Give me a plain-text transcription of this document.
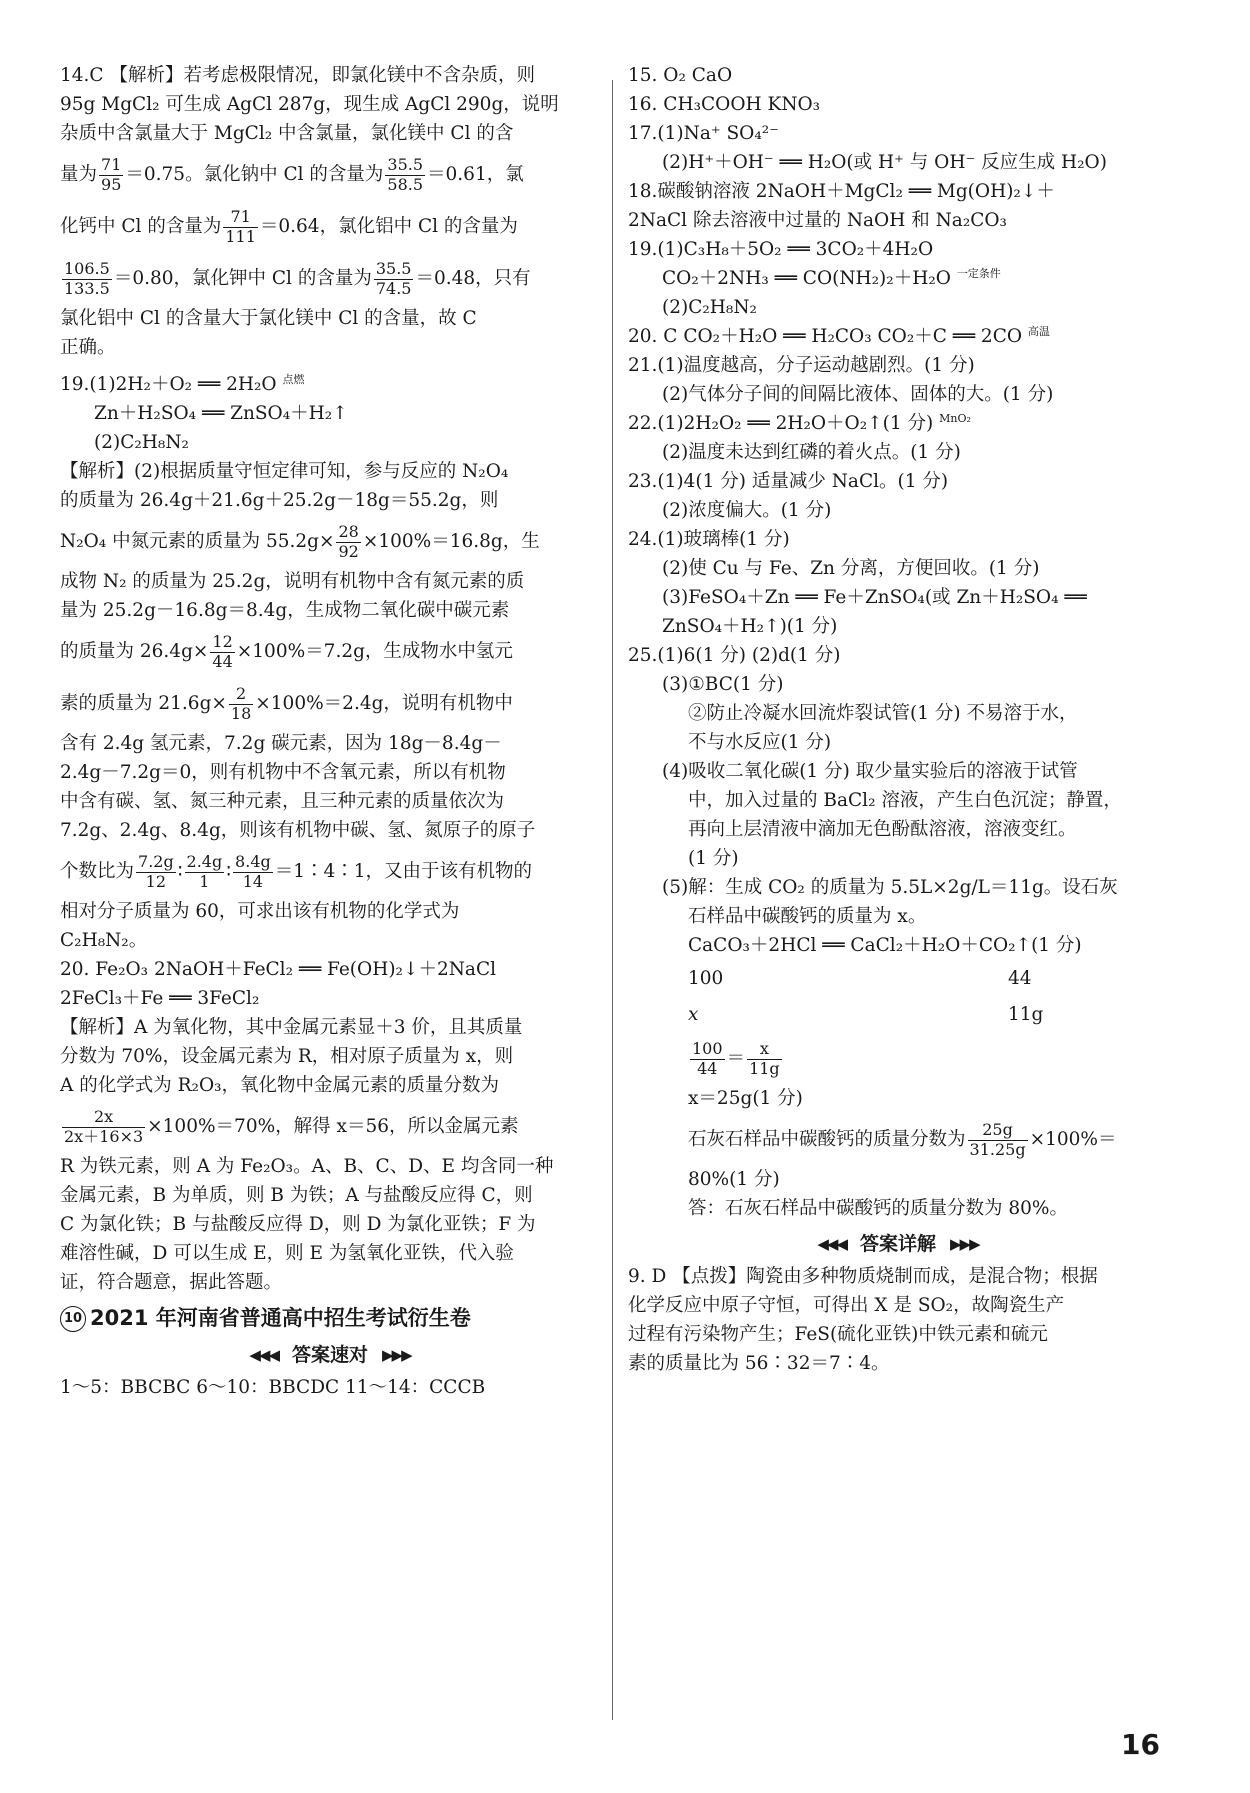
14.C 【解析】若考虑极限情况，即氯化镁中不含杂质，则
95g MgCl₂ 可生成 AgCl 287g，现生成 AgCl 290g，说明
杂质中含氯量大于 MgCl₂ 中含氯量，氯化镁中 Cl 的含
量为 $\frac{71}{95} =0.75$。氯化钠中 Cl 的含量为 $\frac{35.5}{58.5} =0.61$，氯
化钙中 Cl 的含量为 $\frac{71}{111} =0.64$，氯化铝中 Cl 的含量为
$\frac{106.5}{133.5} =0.80$，氯化钾中 Cl 的含量为 $\frac{35.5}{74.5} =0.48$，只有
氯化铝中 Cl 的含量大于氯化镁中 Cl 的含量，故 C
正确。
19.(1)2H₂＋O₂ ══ 2H₂O $^{点燃}$
Zn＋H₂SO₄ ══ ZnSO₄＋H₂↑
(2)C₂H₈N₂
【解析】(2)根据质量守恒定律可知，参与反应的 N₂O₄
的质量为 26.4g＋21.6g＋25.2g－18g＝55.2g，则
N₂O₄ 中氮元素的质量为 $55.2g\times \frac{28}{92} \times 100\%=16.8g$，生
成物 N₂ 的质量为 25.2g，说明有机物中含有氮元素的质
量为 25.2g－16.8g＝8.4g，生成物二氧化碳中碳元素
的质量为 $26.4g\times \frac{12}{44} \times 100\%=7.2g$，生成物水中氢元
素的质量为 $21.6g\times \frac{2}{18} \times 100\%=2.4g$，说明有机物中
含有 2.4g 氢元素，7.2g 碳元素，因为 18g－8.4g－
2.4g－7.2g＝0，则有机物中不含氧元素，所以有机物
中含有碳、氢、氮三种元素，且三种元素的质量依次为
7.2g、2.4g、8.4g，则该有机物中碳、氢、氮原子的原子
个数比为 $\frac{7.2g}{12}$ ∶ $\frac{2.4g}{1}$ ∶ $\frac{8.4g}{14}$ ＝1∶4∶1，又由于该有机物的
相对分子质量为 60，可求出该有机物的化学式为
C₂H₈N₂。
20. Fe₂O₃ 2NaOH＋FeCl₂ ══ Fe(OH)₂↓＋2NaCl
2FeCl₃＋Fe ══ 3FeCl₂
【解析】A 为氧化物，其中金属元素显＋3 价，且其质量
分数为 70%，设金属元素为 R，相对原子质量为 x，则
A 的化学式为 R₂O₃，氧化物中金属元素的质量分数为
$\frac{2x}{2x+16\times 3} \times 100\%=70\%$，解得 x＝56，所以金属元素
R 为铁元素，则 A 为 Fe₂O₃。A、B、C、D、E 均含同一种
金属元素，B 为单质，则 B 为铁；A 与盐酸反应得 C，则
C 为氯化铁；B 与盐酸反应得 D，则 D 为氯化亚铁；F 为
难溶性碱，D 可以生成 E，则 E 为氢氧化亚铁，代入验
证，符合题意，据此答题。
10 2021 年河南省普通高中招生考试衍生卷
◀◀◀ 答案速对 ▶▶▶
1～5：BBCBC 6～10：BBCDC 11～14：CCCB
15. O₂ CaO
16. CH₃COOH KNO₃
17.(1)Na⁺ SO₄²⁻
(2)H⁺＋OH⁻ ══ H₂O(或 H⁺ 与 OH⁻ 反应生成 H₂O)
18.碳酸钠溶液 2NaOH＋MgCl₂ ══ Mg(OH)₂↓＋
2NaCl 除去溶液中过量的 NaOH 和 Na₂CO₃
19.(1)C₃H₈＋5O₂ ══ 3CO₂＋4H₂O
CO₂＋2NH₃ ══ CO(NH₂)₂＋H₂O $^{一定条件}$
(2)C₂H₈N₂
20. C CO₂＋H₂O ══ H₂CO₃ CO₂＋C ══ 2CO $^{高温}$
21.(1)温度越高，分子运动越剧烈。(1 分)
(2)气体分子间的间隔比液体、固体的大。(1 分)
22.(1)2H₂O₂ ══ 2H₂O＋O₂↑(1 分) $^{MnO_2}$
(2)温度未达到红磷的着火点。(1 分)
23.(1)4(1 分) 适量减少 NaCl。(1 分)
(2)浓度偏大。(1 分)
24.(1)玻璃棒(1 分)
(2)使 Cu 与 Fe、Zn 分离，方便回收。(1 分)
(3)FeSO₄＋Zn ══ Fe＋ZnSO₄(或 Zn＋H₂SO₄ ══
ZnSO₄＋H₂↑)(1 分)
25.(1)6(1 分) (2)d(1 分)
(3)①BC(1 分)
②防止冷凝水回流炸裂试管(1 分) 不易溶于水，
不与水反应(1 分)
(4)吸收二氧化碳(1 分) 取少量实验后的溶液于试管
中，加入过量的 BaCl₂ 溶液，产生白色沉淀；静置，
再向上层清液中滴加无色酚酞溶液，溶液变红。
(1 分)
(5)解：生成 CO₂ 的质量为 5.5L×2g/L＝11g。设石灰
石样品中碳酸钙的质量为 x。
CaCO₃＋2HCl ══ CaCl₂＋H₂O＋CO₂↑(1 分)
100	44
x	11g
$\frac{100}{44} = \frac{x}{11g}$
x＝25g(1 分)
石灰石样品中碳酸钙的质量分数为 $\frac{25g}{31.25g} \times 100\%=$
80%(1 分)
答：石灰石样品中碳酸钙的质量分数为 80%。
◀◀◀ 答案详解 ▶▶▶
9. D 【点拨】陶瓷由多种物质烧制而成，是混合物；根据
化学反应中原子守恒，可得出 X 是 SO₂，故陶瓷生产
过程有污染物产生；FeS(硫化亚铁)中铁元素和硫元
素的质量比为 56∶32＝7∶4。
16
